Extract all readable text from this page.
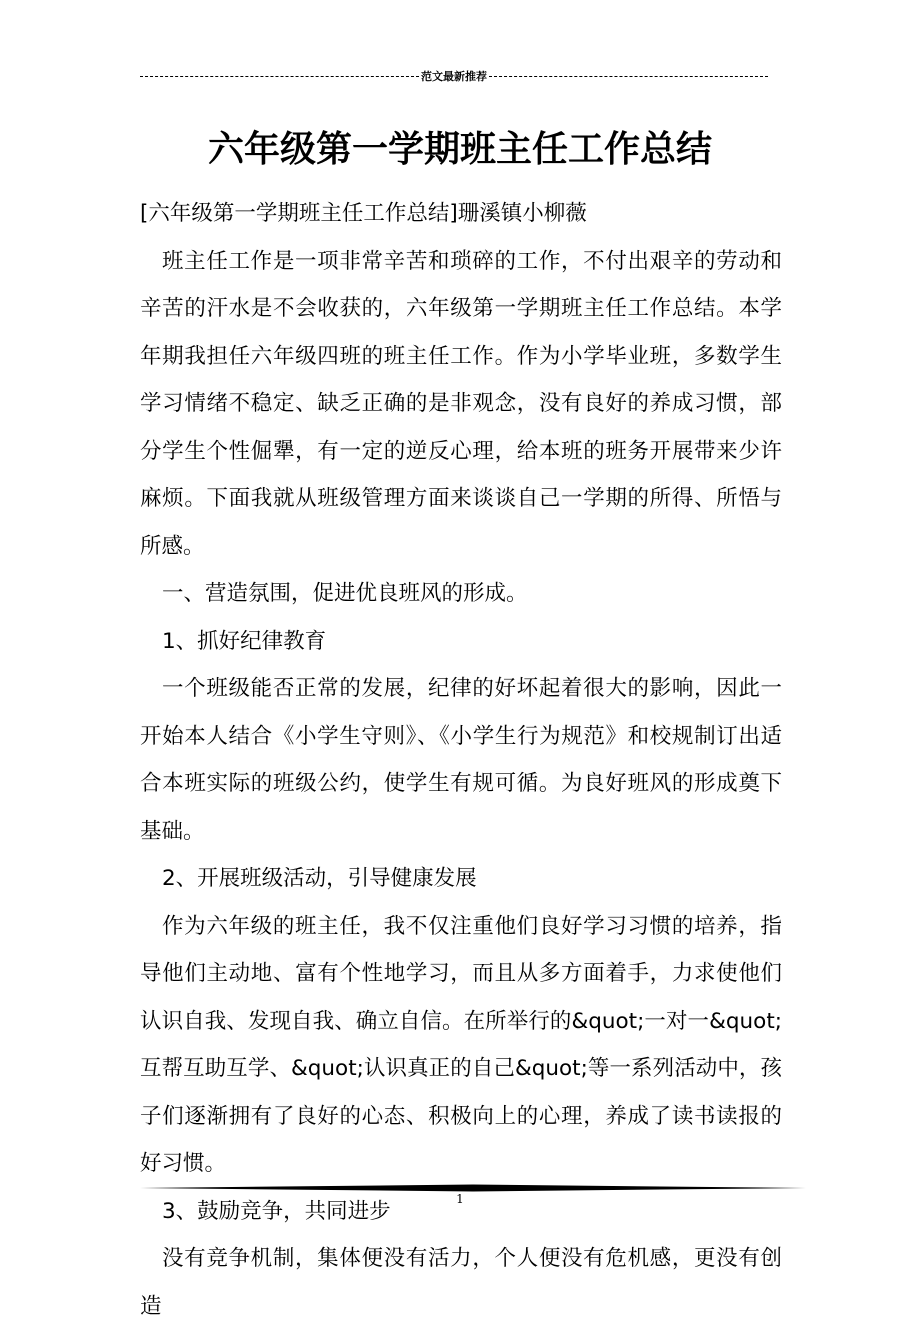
范文最新推荐
六年级第一学期班主任工作总结

[六年级第一学期班主任工作总结]珊溪镇小柳薇

班主任工作是一项非常辛苦和琐碎的工作，不付出艰辛的劳动和辛苦的汗水是不会收获的，六年级第一学期班主任工作总结。本学年期我担任六年级四班的班主任工作。作为小学毕业班，多数学生学习情绪不稳定、缺乏正确的是非观念，没有良好的养成习惯，部分学生个性倔犟，有一定的逆反心理，给本班的班务开展带来少许麻烦。下面我就从班级管理方面来谈谈自己一学期的所得、所悟与所感。

一、营造氛围，促进优良班风的形成。

1、抓好纪律教育

一个班级能否正常的发展，纪律的好坏起着很大的影响，因此一开始本人结合《小学生守则》、《小学生行为规范》和校规制订出适合本班实际的班级公约，使学生有规可循。为良好班风的形成奠下基础。

2、开展班级活动，引导健康发展

作为六年级的班主任，我不仅注重他们良好学习习惯的培养，指导他们主动地、富有个性地学习，而且从多方面着手，力求使他们认识自我、发现自我、确立自信。在所举行的&quot;一对一&quot;互帮互助互学、&quot;认识真正的自己&quot;等一系列活动中，孩子们逐渐拥有了良好的心态、积极向上的心理，养成了读书读报的好习惯。

3、鼓励竞争，共同进步

没有竞争机制，集体便没有活力，个人便没有危机感，更没有创造

1
